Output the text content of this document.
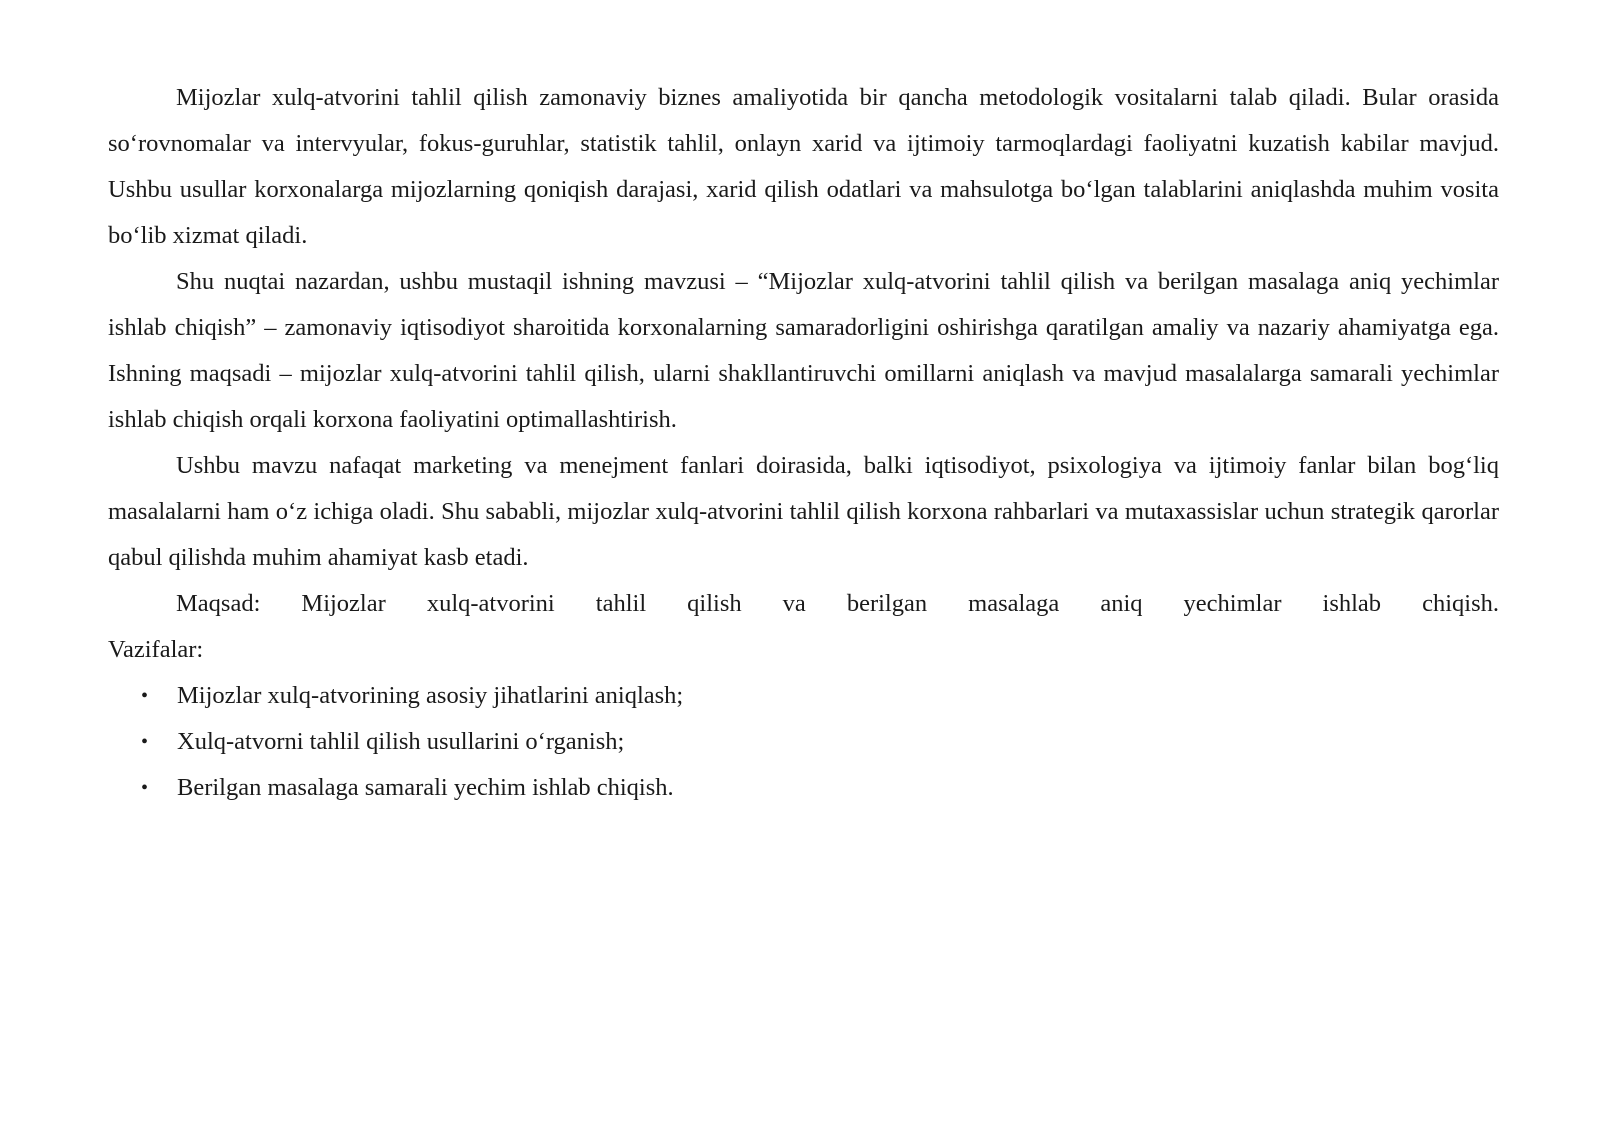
Mijozlar xulq-atvorini tahlil qilish zamonaviy biznes amaliyotida bir qancha metodologik vositalarni talab qiladi. Bular orasida so‘rovnomalar va intervyular, fokus-guruhlar, statistik tahlil, onlayn xarid va ijtimoiy tarmoqlardagi faoliyatni kuzatish kabilar mavjud. Ushbu usullar korxonalarga mijozlarning qoniqish darajasi, xarid qilish odatlari va mahsulotga bo‘lgan talablarini aniqlashda muhim vosita bo‘lib xizmat qiladi.

Shu nuqtai nazardan, ushbu mustaqil ishning mavzusi – “Mijozlar xulq-atvorini tahlil qilish va berilgan masalaga aniq yechimlar ishlab chiqish” – zamonaviy iqtisodiyot sharoitida korxonalarning samaradorligini oshirishga qaratilgan amaliy va nazariy ahamiyatga ega. Ishning maqsadi – mijozlar xulq-atvorini tahlil qilish, ularni shakllantiruvchi omillarni aniqlash va mavjud masalalarga samarali yechimlar ishlab chiqish orqali korxona faoliyatini optimallashtirish.

Ushbu mavzu nafaqat marketing va menejment fanlari doirasida, balki iqtisodiyot, psixologiya va ijtimoiy fanlar bilan bog‘liq masalalarni ham o‘z ichiga oladi. Shu sababli, mijozlar xulq-atvorini tahlil qilish korxona rahbarlari va mutaxassislar uchun strategik qarorlar qabul qilishda muhim ahamiyat kasb etadi.

Maqsad: Mijozlar xulq-atvorini tahlil qilish va berilgan masalaga aniq yechimlar ishlab chiqish.

Vazifalar:

• Mijozlar xulq-atvorining asosiy jihatlarini aniqlash;
• Xulq-atvorni tahlil qilish usullarini o‘rganish;
• Berilgan masalaga samarali yechim ishlab chiqish.
